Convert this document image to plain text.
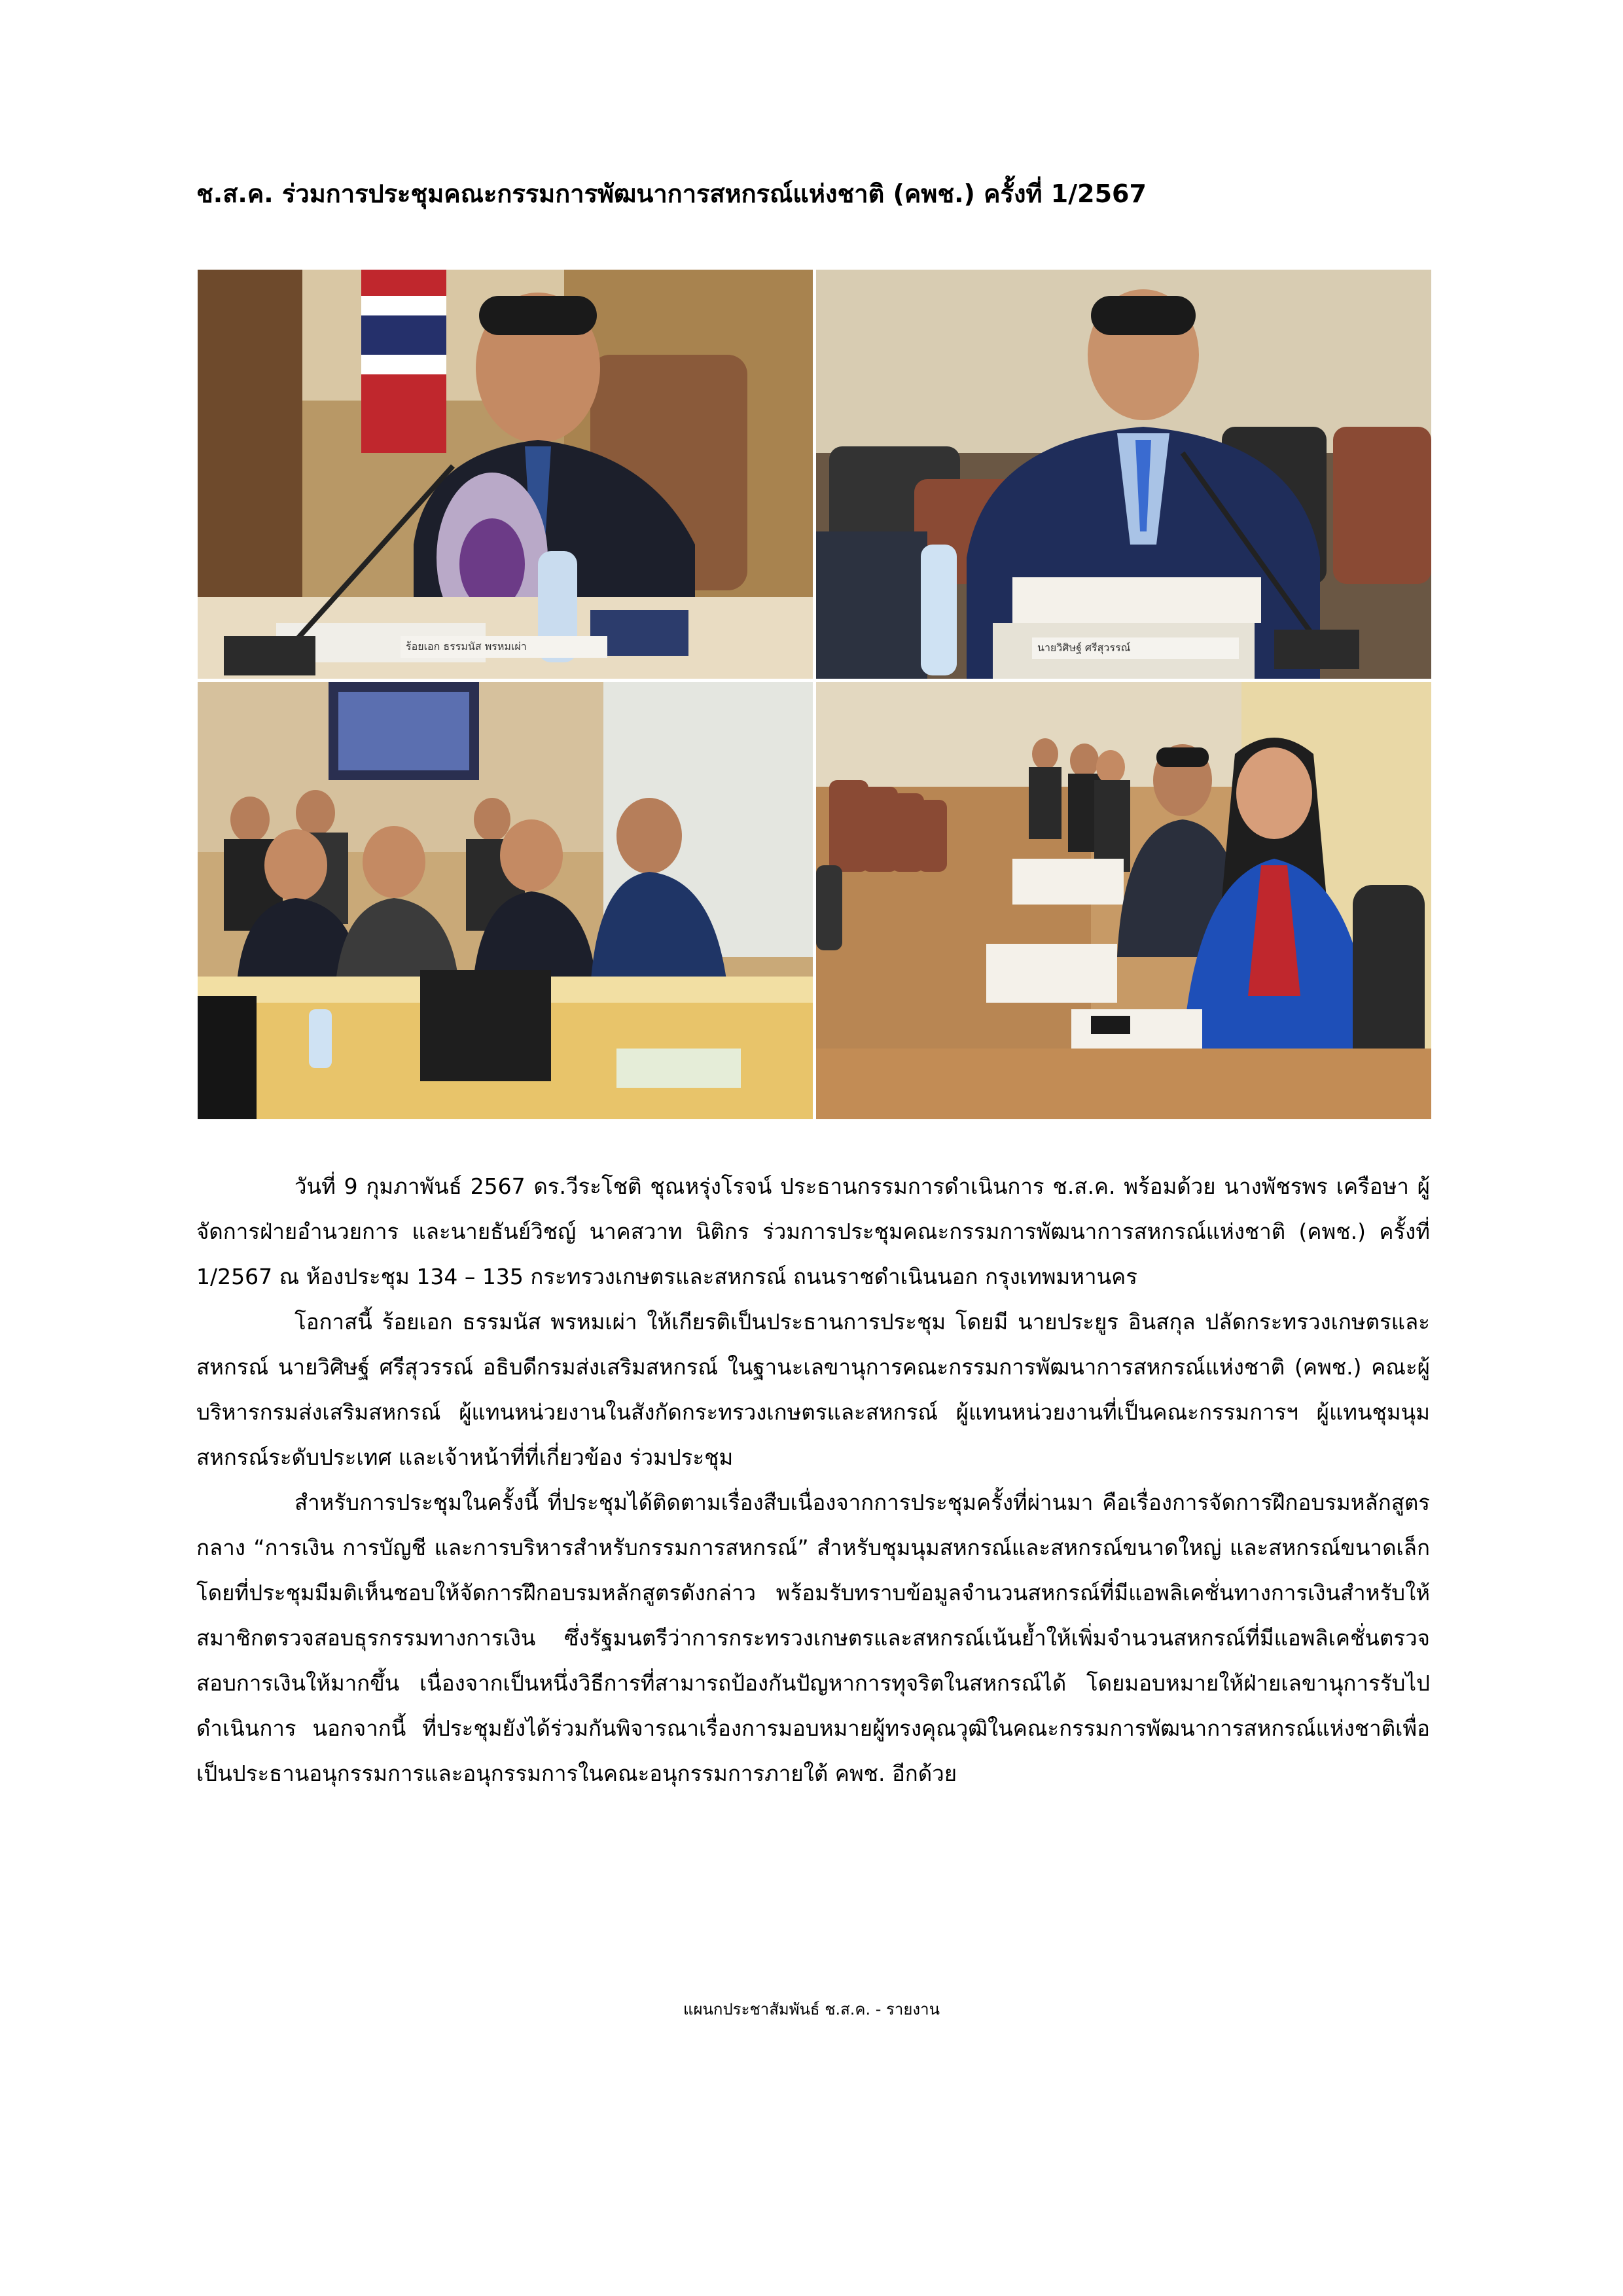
ช.ส.ค. ร่วมการประชุมคณะกรรมการพัฒนาการสหกรณ์แห่งชาติ (คพช.) ครั้งที่ 1/2567
ร้อยเอก ธรรมนัส พรหมเผ่า	นายวิศิษฐ์ ศรีสุวรรณ์

วันที่ 9 กุมภาพันธ์ 2567 ดร.วีระโชติ ชุณหรุ่งโรจน์ ประธานกรรมการดำเนินการ ช.ส.ค. พร้อมด้วย นางพัชรพร เครือษา ผู้จัดการฝ่ายอำนวยการ และนายธันย์วิชญ์ นาคสวาท นิติกร ร่วมการประชุมคณะกรรมการพัฒนาการสหกรณ์แห่งชาติ (คพช.) ครั้งที่ 1/2567 ณ ห้องประชุม 134 – 135 กระทรวงเกษตรและสหกรณ์ ถนนราชดำเนินนอก กรุงเทพมหานคร

โอกาสนี้ ร้อยเอก ธรรมนัส พรหมเผ่า ให้เกียรติเป็นประธานการประชุม โดยมี นายประยูร อินสกุล ปลัดกระทรวงเกษตรและสหกรณ์ นายวิศิษฐ์ ศรีสุวรรณ์ อธิบดีกรมส่งเสริมสหกรณ์ ในฐานะเลขานุการคณะกรรมการพัฒนาการสหกรณ์แห่งชาติ (คพช.) คณะผู้บริหารกรมส่งเสริมสหกรณ์ ผู้แทนหน่วยงานในสังกัดกระทรวงเกษตรและสหกรณ์ ผู้แทนหน่วยงานที่เป็นคณะกรรมการฯ ผู้แทนชุมนุมสหกรณ์ระดับประเทศ และเจ้าหน้าที่ที่เกี่ยวข้อง ร่วมประชุม

สำหรับการประชุมในครั้งนี้ ที่ประชุมได้ติดตามเรื่องสืบเนื่องจากการประชุมครั้งที่ผ่านมา คือเรื่องการจัดการฝึกอบรมหลักสูตร กลาง “การเงิน การบัญชี และการบริหารสำหรับกรรมการสหกรณ์” สำหรับชุมนุมสหกรณ์และสหกรณ์ขนาดใหญ่ และสหกรณ์ขนาดเล็ก โดยที่ประชุมมีมติเห็นชอบให้จัดการฝึกอบรมหลักสูตรดังกล่าว พร้อมรับทราบข้อมูลจำนวนสหกรณ์ที่มีแอพลิเคชั่นทางการเงินสำหรับให้สมาชิกตรวจสอบธุรกรรมทางการเงิน ซึ่งรัฐมนตรีว่าการกระทรวงเกษตรและสหกรณ์เน้นย้ำให้เพิ่มจำนวนสหกรณ์ที่มีแอพลิเคชั่นตรวจสอบการเงินให้มากขึ้น เนื่องจากเป็นหนึ่งวิธีการที่สามารถป้องกันปัญหาการทุจริตในสหกรณ์ได้ โดยมอบหมายให้ฝ่ายเลขานุการรับไปดำเนินการ นอกจากนี้ ที่ประชุมยังได้ร่วมกันพิจารณาเรื่องการมอบหมายผู้ทรงคุณวุฒิในคณะกรรมการพัฒนาการสหกรณ์แห่งชาติเพื่อเป็นประธานอนุกรรมการและอนุกรรมการในคณะอนุกรรมการภายใต้ คพช. อีกด้วย

แผนกประชาสัมพันธ์ ช.ส.ค. - รายงาน
